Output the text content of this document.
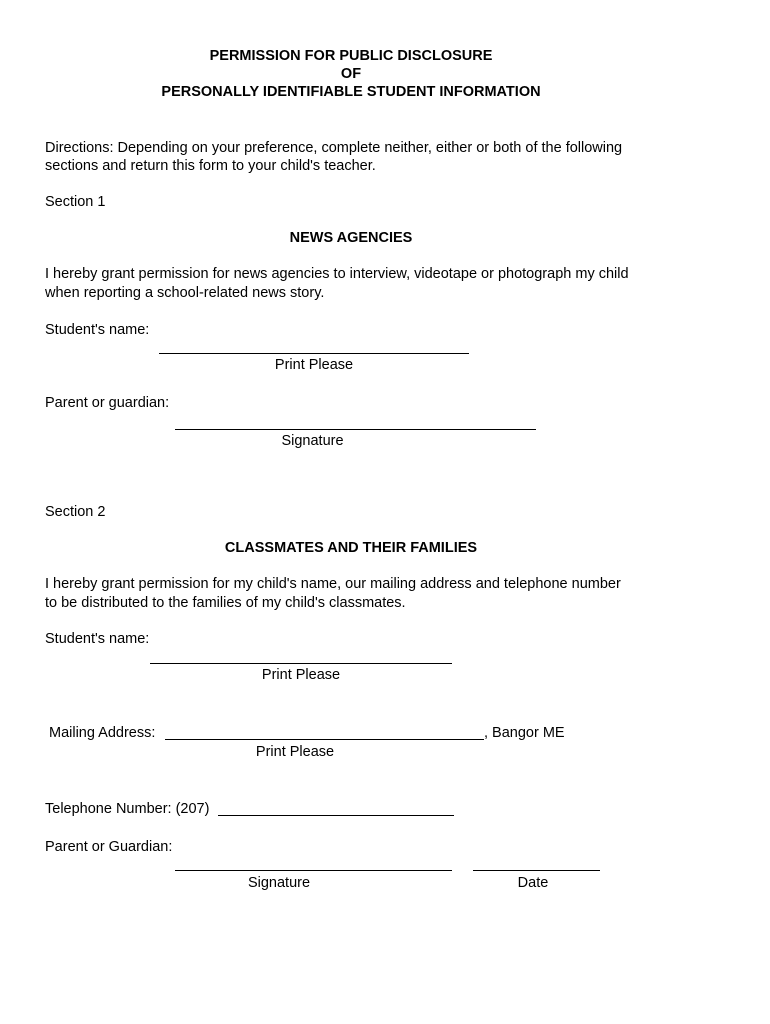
PERMISSION FOR PUBLIC DISCLOSURE
OF
PERSONALLY IDENTIFIABLE STUDENT INFORMATION
Directions: Depending on your preference, complete neither, either or both of the following
sections and return this form to your child's teacher.
Section 1
NEWS AGENCIES
I hereby grant permission for news agencies to interview, videotape or photograph my child
when reporting a school-related news story.
Student's name:
Print Please
Parent or guardian:
Signature
Section 2
CLASSMATES AND THEIR FAMILIES
I hereby grant permission for my child's name, our mailing address and telephone number
to be distributed to the families of my child's classmates.
Student's name:
Print Please
Mailing Address:	, Bangor ME
Print Please
Telephone Number: (207)
Parent or Guardian:
Signature	Date
